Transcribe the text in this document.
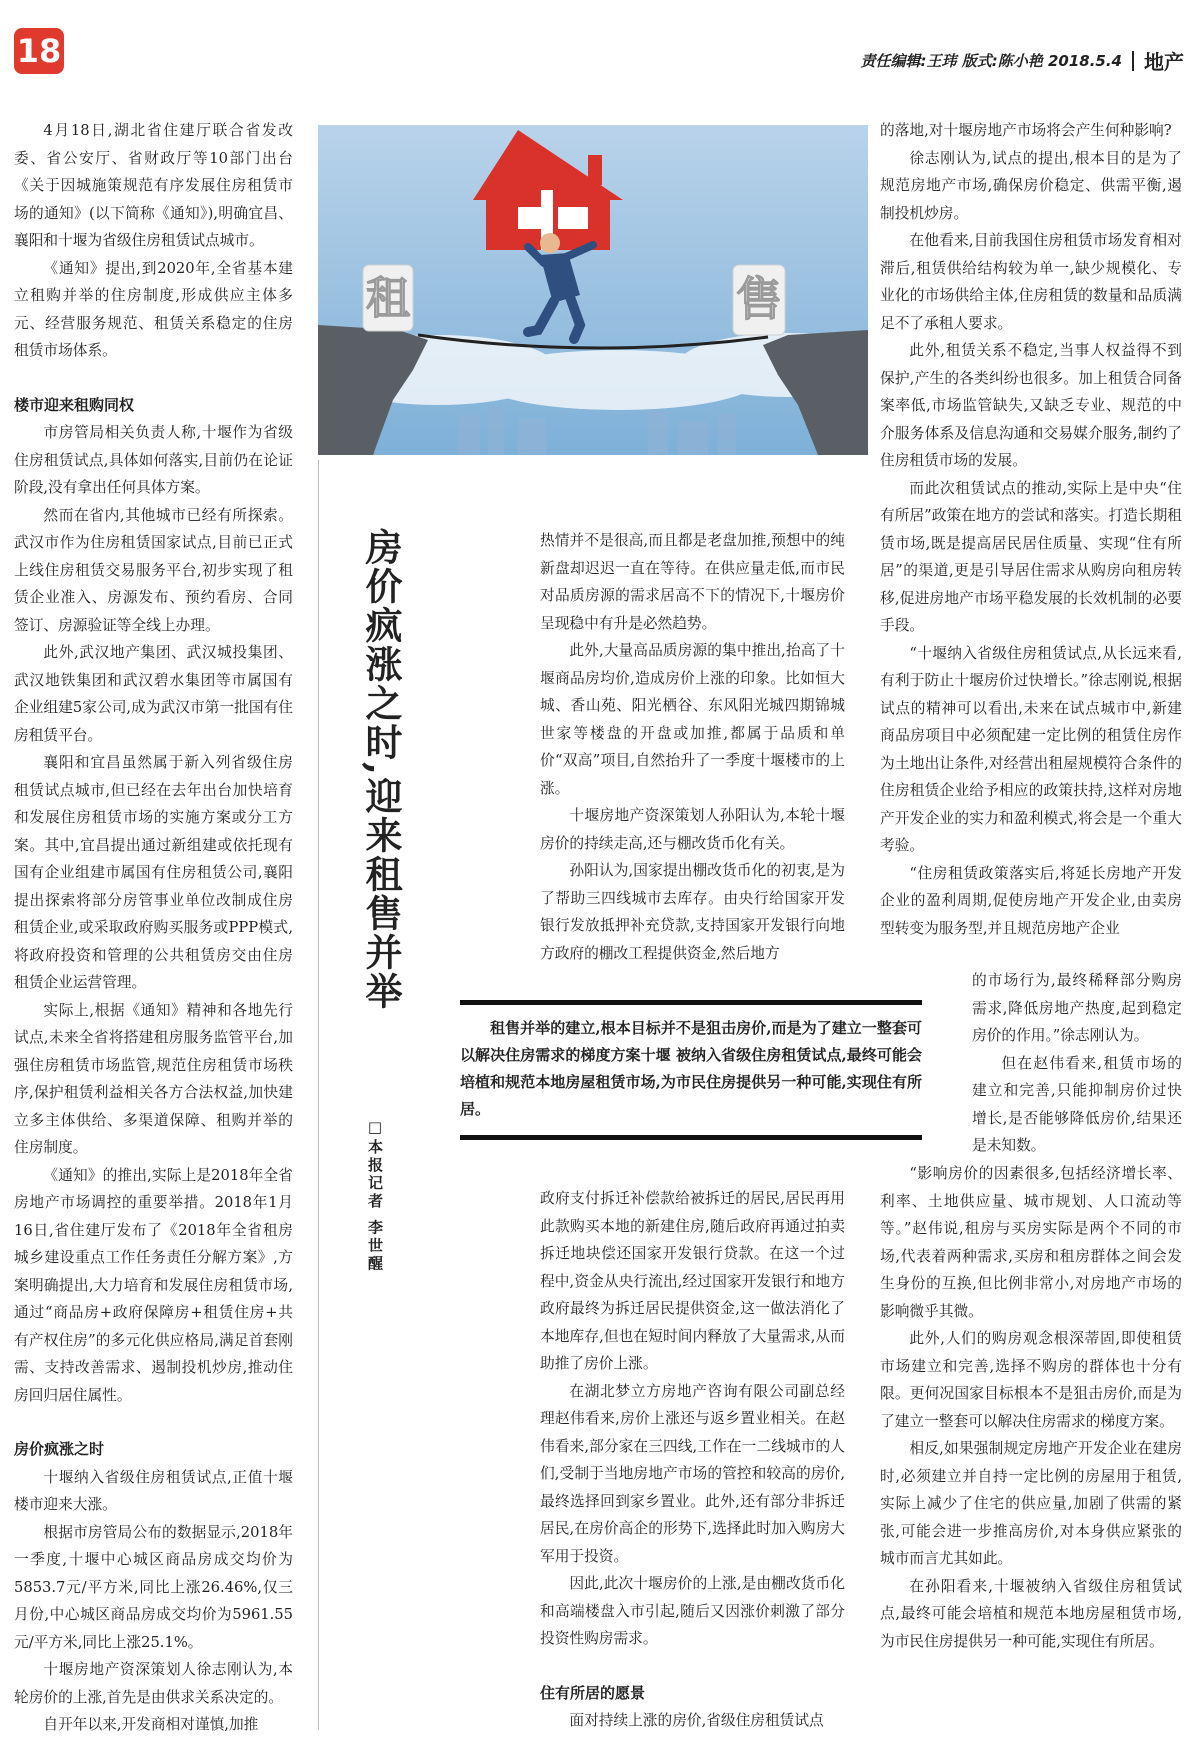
18	责任编辑:王玮 版式:陈小艳 2018.5.4 地产

4月18日,湖北省住建厅联合省发改委、省公安厅、省财政厅等10部门出台《关于因城施策规范有序发展住房租赁市场的通知》(以下简称《通知》),明确宜昌、襄阳和十堰为省级住房租赁试点城市。

《通知》提出,到2020年,全省基本建立租购并举的住房制度,形成供应主体多元、经营服务规范、租赁关系稳定的住房租赁市场体系。

楼市迎来租购同权

市房管局相关负责人称,十堰作为省级住房租赁试点,具体如何落实,目前仍在论证阶段,没有拿出任何具体方案。

然而在省内,其他城市已经有所探索。武汉市作为住房租赁国家试点,目前已正式上线住房租赁交易服务平台,初步实现了租赁企业准入、房源发布、预约看房、合同签订、房源验证等全线上办理。

此外,武汉地产集团、武汉城投集团、武汉地铁集团和武汉碧水集团等市属国有企业组建5家公司,成为武汉市第一批国有住房租赁平台。

襄阳和宜昌虽然属于新入列省级住房租赁试点城市,但已经在去年出台加快培育和发展住房租赁市场的实施方案或分工方案。其中,宜昌提出通过新组建或依托现有国有企业组建市属国有住房租赁公司,襄阳提出探索将部分房管事业单位改制成住房租赁企业,或采取政府购买服务或PPP模式,将政府投资和管理的公共租赁房交由住房租赁企业运营管理。

实际上,根据《通知》精神和各地先行试点,未来全省将搭建租房服务监管平台,加强住房租赁市场监管,规范住房租赁市场秩序,保护租赁利益相关各方合法权益,加快建立多主体供给、多渠道保障、租购并举的住房制度。

《通知》的推出,实际上是2018年全省房地产市场调控的重要举措。2018年1月16日,省住建厅发布了《2018年全省租房城乡建设重点工作任务责任分解方案》,方案明确提出,大力培育和发展住房租赁市场,通过“商品房+政府保障房+租赁住房+共有产权住房”的多元化供应格局,满足首套刚需、支持改善需求、遏制投机炒房,推动住房回归居住属性。

房价疯涨之时

十堰纳入省级住房租赁试点,正值十堰楼市迎来大涨。

根据市房管局公布的数据显示,2018年一季度,十堰中心城区商品房成交均价为5853.7元/平方米,同比上涨26.46%,仅三月份,中心城区商品房成交均价为5961.55元/平方米,同比上涨25.1%。

十堰房地产资深策划人徐志刚认为,本轮房价的上涨,首先是由供求关系决定的。

自开年以来,开发商相对谨慎,加推

租	售
房价疯涨之时,迎来租售并举
□本报记者 李世醒

热情并不是很高,而且都是老盘加推,预想中的纯新盘却迟迟一直在等待。在供应量走低,而市民对品质房源的需求居高不下的情况下,十堰房价呈现稳中有升是必然趋势。

此外,大量高品质房源的集中推出,抬高了十堰商品房均价,造成房价上涨的印象。比如恒大城、香山苑、阳光栖谷、东风阳光城四期锦城世家等楼盘的开盘或加推,都属于品质和单价“双高”项目,自然抬升了一季度十堰楼市的上涨。

十堰房地产资深策划人孙阳认为,本轮十堰房价的持续走高,还与棚改货币化有关。

孙阳认为,国家提出棚改货币化的初衷,是为了帮助三四线城市去库存。由央行给国家开发银行发放抵押补充贷款,支持国家开发银行向地方政府的棚改工程提供资金,然后地方

租售并举的建立,根本目标并不是狙击房价,而是为了建立一整套可以解决住房需求的梯度方案十堰 被纳入省级住房租赁试点,最终可能会培植和规范本地房屋租赁市场,为市民住房提供另一种可能,实现住有所居。

政府支付拆迁补偿款给被拆迁的居民,居民再用此款购买本地的新建住房,随后政府再通过拍卖拆迁地块偿还国家开发银行贷款。在这一个过程中,资金从央行流出,经过国家开发银行和地方政府最终为拆迁居民提供资金,这一做法消化了本地库存,但也在短时间内释放了大量需求,从而助推了房价上涨。

在湖北梦立方房地产咨询有限公司副总经理赵伟看来,房价上涨还与返乡置业相关。在赵伟看来,部分家在三四线,工作在一二线城市的人们,受制于当地房地产市场的管控和较高的房价,最终选择回到家乡置业。此外,还有部分非拆迁居民,在房价高企的形势下,选择此时加入购房大军用于投资。

因此,此次十堰房价的上涨,是由棚改货币化和高端楼盘入市引起,随后又因涨价刺激了部分投资性购房需求。

住有所居的愿景

面对持续上涨的房价,省级住房租赁试点

的落地,对十堰房地产市场将会产生何种影响?

徐志刚认为,试点的提出,根本目的是为了规范房地产市场,确保房价稳定、供需平衡,遏制投机炒房。

在他看来,目前我国住房租赁市场发育相对滞后,租赁供给结构较为单一,缺少规模化、专业化的市场供给主体,住房租赁的数量和品质满足不了承租人要求。

此外,租赁关系不稳定,当事人权益得不到保护,产生的各类纠纷也很多。加上租赁合同备案率低,市场监管缺失,又缺乏专业、规范的中介服务体系及信息沟通和交易媒介服务,制约了住房租赁市场的发展。

而此次租赁试点的推动,实际上是中央“住有所居”政策在地方的尝试和落实。打造长期租赁市场,既是提高居民居住质量、实现“住有所居”的渠道,更是引导居住需求从购房向租房转移,促进房地产市场平稳发展的长效机制的必要手段。

“十堰纳入省级住房租赁试点,从长远来看,有利于防止十堰房价过快增长。”徐志刚说,根据试点的精神可以看出,未来在试点城市中,新建商品房项目中必须配建一定比例的租赁住房作为土地出让条件,对经营出租屋规模符合条件的住房租赁企业给予相应的政策扶持,这样对房地产开发企业的实力和盈利模式,将会是一个重大考验。

“住房租赁政策落实后,将延长房地产开发企业的盈利周期,促使房地产开发企业,由卖房型转变为服务型,并且规范房地产企业

的市场行为,最终稀释部分购房需求,降低房地产热度,起到稳定房价的作用。”徐志刚认为。

但在赵伟看来,租赁市场的建立和完善,只能抑制房价过快增长,是否能够降低房价,结果还是未知数。

“影响房价的因素很多,包括经济增长率、利率、土地供应量、城市规划、人口流动等等。”赵伟说,租房与买房实际是两个不同的市场,代表着两种需求,买房和租房群体之间会发生身份的互换,但比例非常小,对房地产市场的影响微乎其微。

此外,人们的购房观念根深蒂固,即使租赁市场建立和完善,选择不购房的群体也十分有限。更何况国家目标根本不是狙击房价,而是为了建立一整套可以解决住房需求的梯度方案。

相反,如果强制规定房地产开发企业在建房时,必须建立并自持一定比例的房屋用于租赁,实际上减少了住宅的供应量,加剧了供需的紧张,可能会进一步推高房价,对本身供应紧张的城市而言尤其如此。

在孙阳看来,十堰被纳入省级住房租赁试点,最终可能会培植和规范本地房屋租赁市场,为市民住房提供另一种可能,实现住有所居。
